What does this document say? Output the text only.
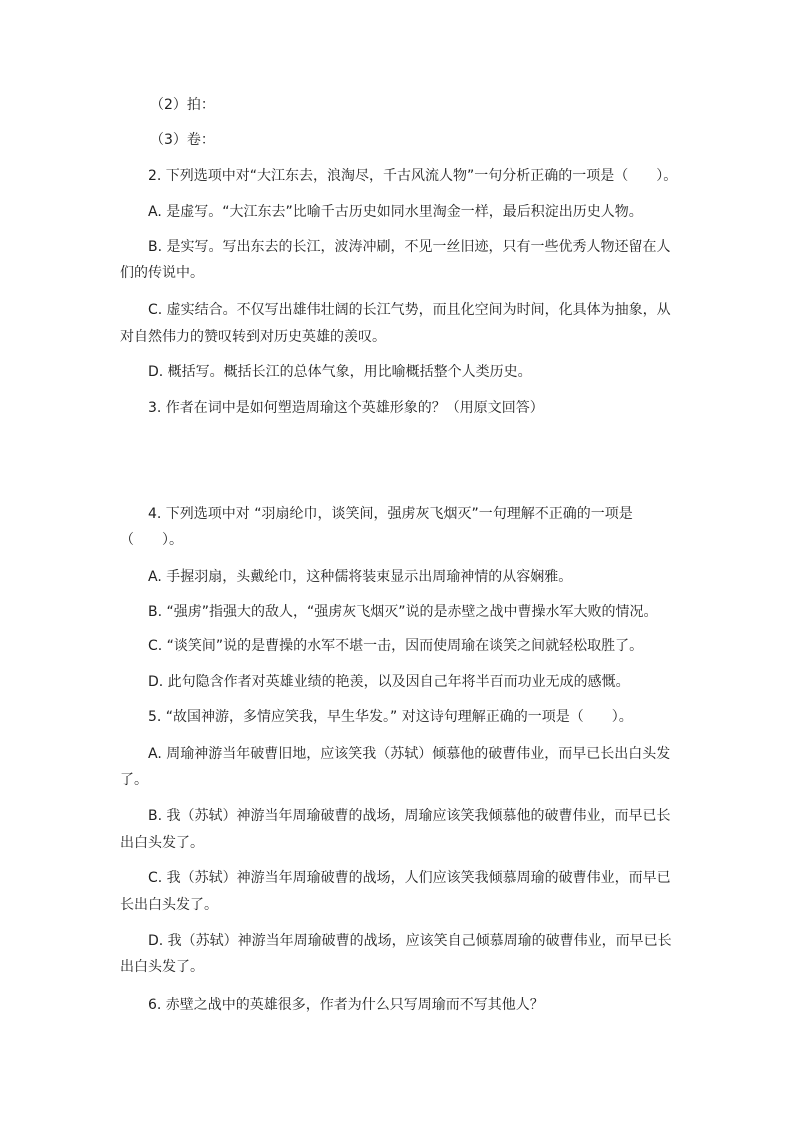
（2）拍：
（3）卷：
2. 下列选项中对“大江东去，浪淘尽，千古风流人物”一句分析正确的一项是（　　）。
A. 是虚写。“大江东去”比喻千古历史如同水里淘金一样，最后积淀出历史人物。
B. 是实写。写出东去的长江，波涛冲刷，不见一丝旧迹，只有一些优秀人物还留在人
们的传说中。
C. 虚实结合。不仅写出雄伟壮阔的长江气势，而且化空间为时间，化具体为抽象，从
对自然伟力的赞叹转到对历史英雄的羡叹。
D. 概括写。概括长江的总体气象，用比喻概括整个人类历史。
3. 作者在词中是如何塑造周瑜这个英雄形象的？（用原文回答）
4. 下列选项中对 “羽扇纶巾，谈笑间，强虏灰飞烟灭”一句理解不正确的一项是
（　　）。
A. 手握羽扇，头戴纶巾，这种儒将装束显示出周瑜神情的从容娴雅。
B. “强虏”指强大的敌人，“强虏灰飞烟灭”说的是赤壁之战中曹操水军大败的情况。
C. “谈笑间”说的是曹操的水军不堪一击，因而使周瑜在谈笑之间就轻松取胜了。
D. 此句隐含作者对英雄业绩的艳羡，以及因自己年将半百而功业无成的感慨。
5. “故国神游，多情应笑我，早生华发。” 对这诗句理解正确的一项是（　　）。
A. 周瑜神游当年破曹旧地，应该笑我（苏轼）倾慕他的破曹伟业，而早已长出白头发
了。
B. 我（苏轼）神游当年周瑜破曹的战场，周瑜应该笑我倾慕他的破曹伟业，而早已长
出白头发了。
C. 我（苏轼）神游当年周瑜破曹的战场，人们应该笑我倾慕周瑜的破曹伟业，而早已
长出白头发了。
D. 我（苏轼）神游当年周瑜破曹的战场，应该笑自己倾慕周瑜的破曹伟业，而早已长
出白头发了。
6. 赤壁之战中的英雄很多，作者为什么只写周瑜而不写其他人？
